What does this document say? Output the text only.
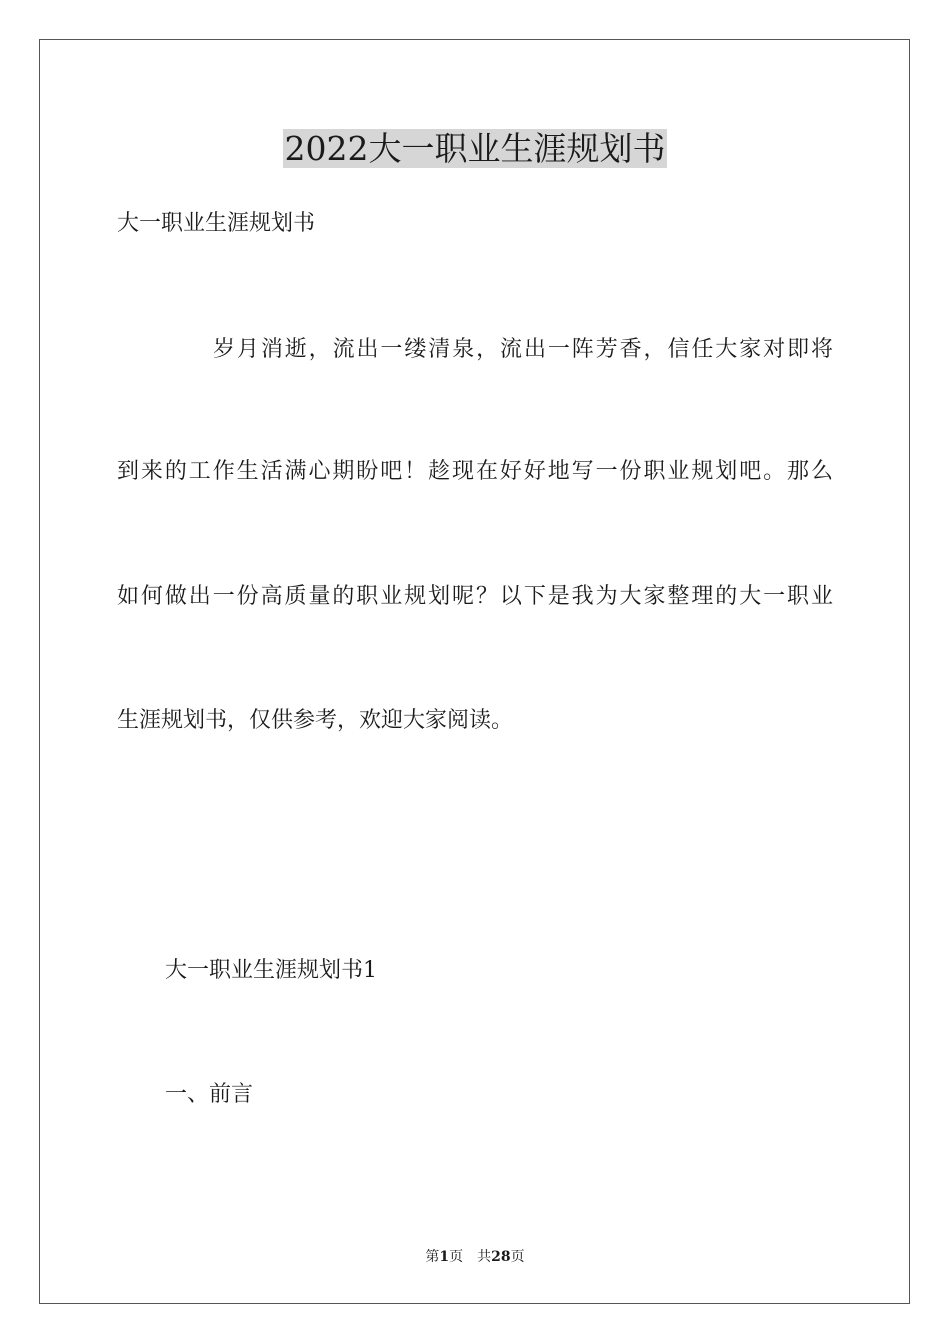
2022大一职业生涯规划书

大一职业生涯规划书

岁月消逝，流出一缕清泉，流出一阵芳香，信任大家对即将

到来的工作生活满心期盼吧！趁现在好好地写一份职业规划吧。那么

如何做出一份高质量的职业规划呢？以下是我为大家整理的大一职业

生涯规划书，仅供参考，欢迎大家阅读。

大一职业生涯规划书1

一、前言

第1页　共28页
